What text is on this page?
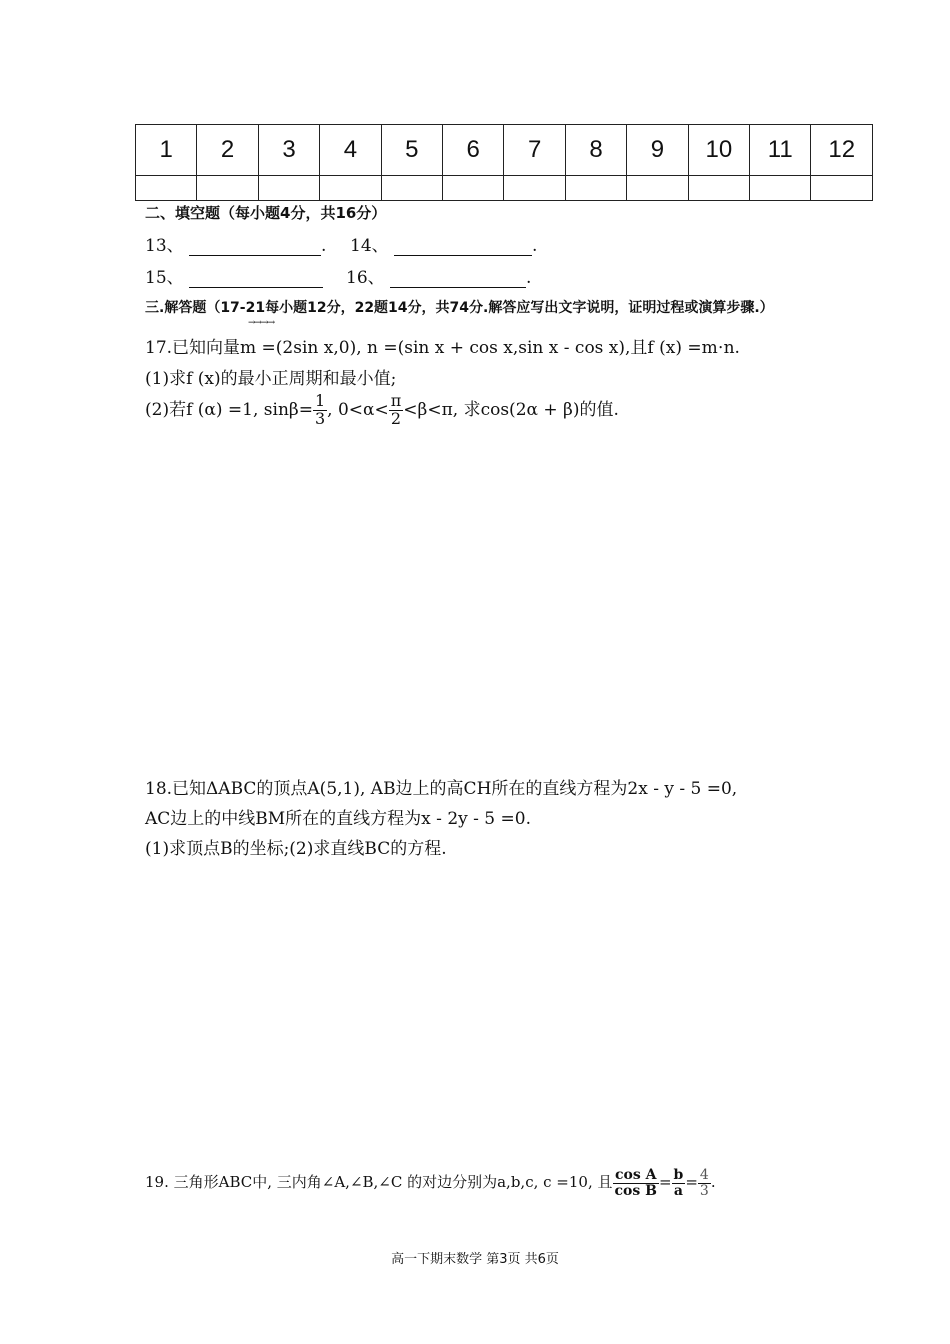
1	2	3	4	5	6	7	8	9	10	11	12

二、填空题（每小题4分，共16分）
13、	. 14、	.
15、	16、	.
三.解答题（17-21每小题12分，22题14分，共74分.解答应写出文字说明，证明过程或演算步骤.）
→→→→
17.已知向量m =(2sin x,0), n =(sin x + cos x,sin x - cos x),且f (x) =m⋅n.
(1)求f (x)的最小正周期和最小值;
(2)若f (α) =1, $\sin\beta= \frac{1}{3}$ , $0<\alpha< \frac{\pi}{2} <\beta<\pi$, 求cos(2α + β)的值.
18.已知ΔABC的顶点A(5,1), AB边上的高CH所在的直线方程为2x - y - 5 =0,
AC边上的中线BM所在的直线方程为x - 2y - 5 =0.
(1)求顶点B的坐标;(2)求直线BC的方程.
19. 三角形ABC中, 三内角∠A,∠B,∠C 的对边分别为a,b,c, c =10, 且 $\frac{\text{cos A}}{\text{cos B}} = \frac{b}{a} = \frac{4}{3}$ .
高一下期末数学 第3页 共6页
